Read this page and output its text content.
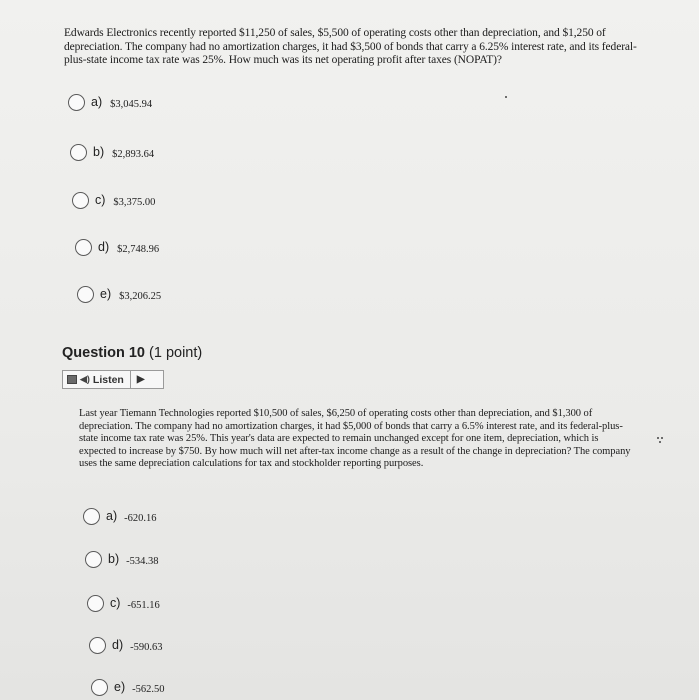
Edwards Electronics recently reported $11,250 of sales, $5,500 of operating costs other than depreciation, and $1,250 of depreciation. The company had no amortization charges, it had $3,500 of bonds that carry a 6.25% interest rate, and its federal-plus-state income tax rate was 25%. How much was its net operating profit after taxes (NOPAT)?
a) $3,045.94
b) $2,893.64
c) $3,375.00
d) $2,748.96
e) $3,206.25
Question 10 (1 point)
◀) Listen ▶
Last year Tiemann Technologies reported $10,500 of sales, $6,250 of operating costs other than depreciation, and $1,300 of depreciation. The company had no amortization charges, it had $5,000 of bonds that carry a 6.5% interest rate, and its federal-plus-state income tax rate was 25%. This year's data are expected to remain unchanged except for one item, depreciation, which is expected to increase by $750. By how much will net after-tax income change as a result of the change in depreciation? The company uses the same depreciation calculations for tax and stockholder reporting purposes.
a) -620.16
b) -534.38
c) -651.16
d) -590.63
e) -562.50
